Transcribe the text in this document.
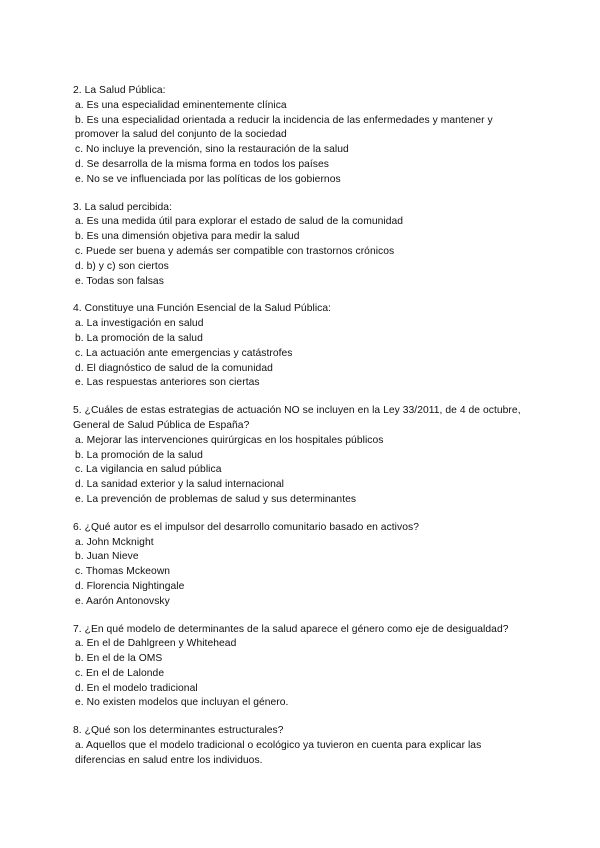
2. La Salud Pública:

a. Es una especialidad eminentemente clínica

b. Es una especialidad orientada a reducir la incidencia de las enfermedades y mantener y promover la salud del conjunto de la sociedad

c. No incluye la prevención, sino la restauración de la salud

d. Se desarrolla de la misma forma en todos los países

e. No se ve influenciada por las políticas de los gobiernos

3. La salud percibida:

a. Es una medida útil para explorar el estado de salud de la comunidad

b. Es una dimensión objetiva para medir la salud

c. Puede ser buena y además ser compatible con trastornos crónicos

d. b) y c) son ciertos

e. Todas son falsas

4. Constituye una Función Esencial de la Salud Pública:

a. La investigación en salud

b. La promoción de la salud

c. La actuación ante emergencias y catástrofes

d. El diagnóstico de salud de la comunidad

e. Las respuestas anteriores son ciertas

5. ¿Cuáles de estas estrategias de actuación NO se incluyen en la Ley 33/2011, de 4 de octubre, General de Salud Pública de España?

a. Mejorar las intervenciones quirúrgicas en los hospitales públicos

b. La promoción de la salud

c. La vigilancia en salud pública

d. La sanidad exterior y la salud internacional

e. La prevención de problemas de salud y sus determinantes

6. ¿Qué autor es el impulsor del desarrollo comunitario basado en activos?

a. John Mcknight

b. Juan Nieve

c. Thomas Mckeown

d. Florencia Nightingale

e. Aarón Antonovsky

7. ¿En qué modelo de determinantes de la salud aparece el género como eje de desigualdad?

a. En el de Dahlgreen y Whitehead

b. En el de la OMS

c. En el de Lalonde

d. En el modelo tradicional

e. No existen modelos que incluyan el género.

8. ¿Qué son los determinantes estructurales?

a. Aquellos que el modelo tradicional o ecológico ya tuvieron en cuenta para explicar las diferencias en salud entre los individuos.
